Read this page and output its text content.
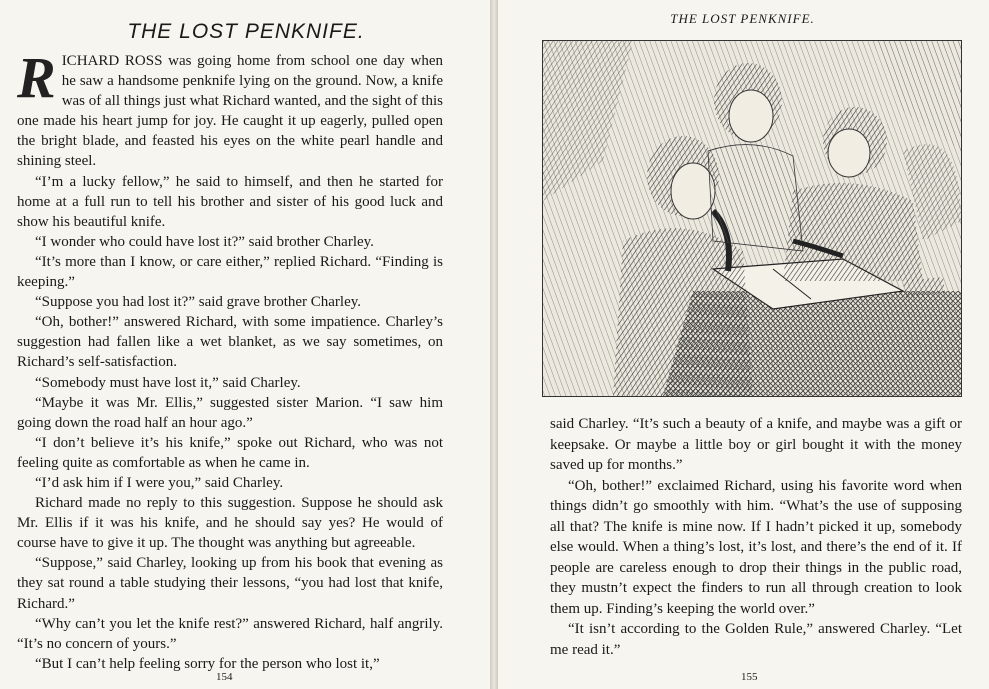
THE LOST PENKNIFE.

RICHARD ROSS was going home from school one day when he saw a handsome penknife lying on the ground. Now, a knife was of all things just what Richard wanted, and the sight of this one made his heart jump for joy. He caught it up eagerly, pulled open the bright blade, and feasted his eyes on the white pearl handle and shining steel.

“I’m a lucky fellow,” he said to himself, and then he started for home at a full run to tell his brother and sister of his good luck and show his beautiful knife.

“I wonder who could have lost it?” said brother Charley.

“It’s more than I know, or care either,” replied Richard. “Finding is keeping.”

“Suppose you had lost it?” said grave brother Charley.

“Oh, bother!” answered Richard, with some impatience. Charley’s suggestion had fallen like a wet blanket, as we say sometimes, on Richard’s self-satisfaction.

“Somebody must have lost it,” said Charley.

“Maybe it was Mr. Ellis,” suggested sister Marion. “I saw him going down the road half an hour ago.”

“I don’t believe it’s his knife,” spoke out Richard, who was not feeling quite as comfortable as when he came in.

“I’d ask him if I were you,” said Charley.

Richard made no reply to this suggestion. Suppose he should ask Mr. Ellis if it was his knife, and he should say yes? He would of course have to give it up. The thought was anything but agreeable.

“Suppose,” said Charley, looking up from his book that evening as they sat round a table studying their lessons, “you had lost that knife, Richard.”

“Why can’t you let the knife rest?” answered Richard, half angrily. “It’s no concern of yours.”

“But I can’t help feeling sorry for the person who lost it,”

154
THE LOST PENKNIFE.

said Charley. “It’s such a beauty of a knife, and maybe was a gift or keepsake. Or maybe a little boy or girl bought it with the money saved up for months.”

“Oh, bother!” exclaimed Richard, using his favorite word when things didn’t go smoothly with him. “What’s the use of supposing all that? The knife is mine now. If I hadn’t picked it up, somebody else would. When a thing’s lost, it’s lost, and there’s the end of it. If people are careless enough to drop their things in the public road, they mustn’t expect the finders to run all through creation to look them up. Finding’s keeping the world over.”

“It isn’t according to the Golden Rule,” answered Charley. “Let me read it.”

155
